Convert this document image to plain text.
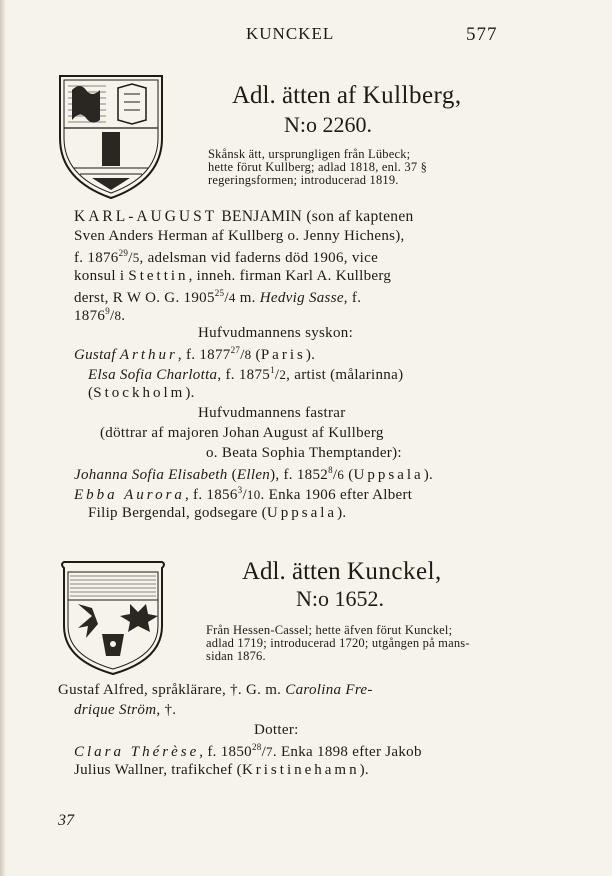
KUNCKEL	577
Adl. ätten af Kullberg,
N:o 2260.
Skånsk ätt, ursprungligen från Lübeck;
hette förut Kullberg; adlad 1818, enl. 37 §
regeringsformen; introducerad 1819.
KARL-AUGUST BENJAMIN (son af kaptenen
Sven Anders Herman af Kullberg o. Jenny Hichens),
f. 1876$^{29}$/5, adelsman vid faderns död 1906, vice
konsul i Stettin, inneh. firman Karl A. Kullberg
derst, R W O. G. 1905$^{25}$/4 m. Hedvig Sasse, f.
1876$^9$/8.
Hufvudmannens syskon:
Gustaf Arthur, f. 1877$^{27}$/8 (Paris).
Elsa Sofia Charlotta, f. 1875$^1$/2, artist (målarinna)
(Stockholm).
Hufvudmannens fastrar
(döttrar af majoren Johan August af Kullberg
o. Beata Sophia Themptander):
Johanna Sofia Elisabeth (Ellen), f. 1852$^8$/6 (Uppsala).
Ebba Aurora, f. 1856$^3$/10. Enka 1906 efter Albert
Filip Bergendal, godsegare (Uppsala).
Adl. ätten Kunckel,
N:o 1652.
Från Hessen-Cassel; hette äfven förut Kunckel;
adlad 1719; introducerad 1720; utgången på mans-
sidan 1876.
Gustaf Alfred, språklärare, †. G. m. Carolina Fre-
drique Ström, †.
Dotter:
Clara Thérèse, f. 1850$^{28}$/7. Enka 1898 efter Jakob
Julius Wallner, trafikchef (Kristinehamn).
37
